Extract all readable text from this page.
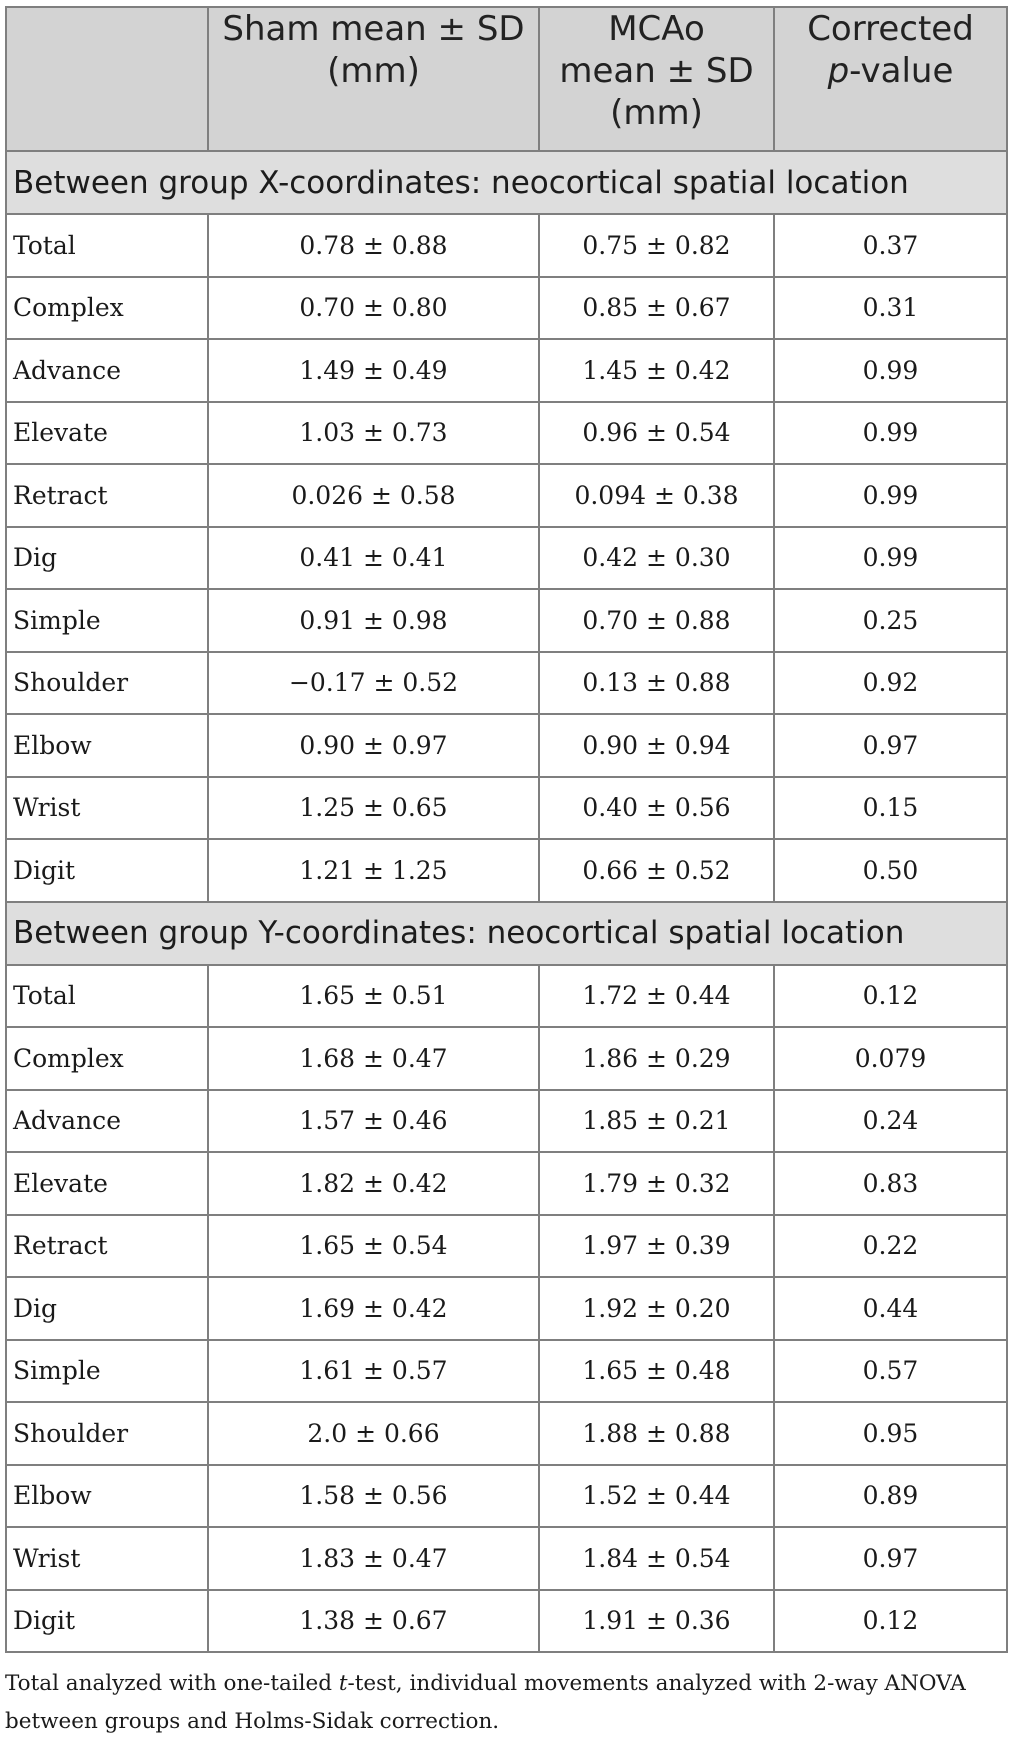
	Sham mean ± SD
(mm)	MCAo
mean ± SD
(mm)	Corrected
p-value
Between group X-coordinates: neocortical spatial location			
Total	0.78 ± 0.88	0.75 ± 0.82	0.37
Complex	0.70 ± 0.80	0.85 ± 0.67	0.31
Advance	1.49 ± 0.49	1.45 ± 0.42	0.99
Elevate	1.03 ± 0.73	0.96 ± 0.54	0.99
Retract	0.026 ± 0.58	0.094 ± 0.38	0.99
Dig	0.41 ± 0.41	0.42 ± 0.30	0.99
Simple	0.91 ± 0.98	0.70 ± 0.88	0.25
Shoulder	−0.17 ± 0.52	0.13 ± 0.88	0.92
Elbow	0.90 ± 0.97	0.90 ± 0.94	0.97
Wrist	1.25 ± 0.65	0.40 ± 0.56	0.15
Digit	1.21 ± 1.25	0.66 ± 0.52	0.50
Between group Y-coordinates: neocortical spatial location			
Total	1.65 ± 0.51	1.72 ± 0.44	0.12
Complex	1.68 ± 0.47	1.86 ± 0.29	0.079
Advance	1.57 ± 0.46	1.85 ± 0.21	0.24
Elevate	1.82 ± 0.42	1.79 ± 0.32	0.83
Retract	1.65 ± 0.54	1.97 ± 0.39	0.22
Dig	1.69 ± 0.42	1.92 ± 0.20	0.44
Simple	1.61 ± 0.57	1.65 ± 0.48	0.57
Shoulder	2.0 ± 0.66	1.88 ± 0.88	0.95
Elbow	1.58 ± 0.56	1.52 ± 0.44	0.89
Wrist	1.83 ± 0.47	1.84 ± 0.54	0.97
Digit	1.38 ± 0.67	1.91 ± 0.36	0.12
Total analyzed with one-tailed t-test, individual movements analyzed with 2-way ANOVA between groups and Holms-Sidak correction.
